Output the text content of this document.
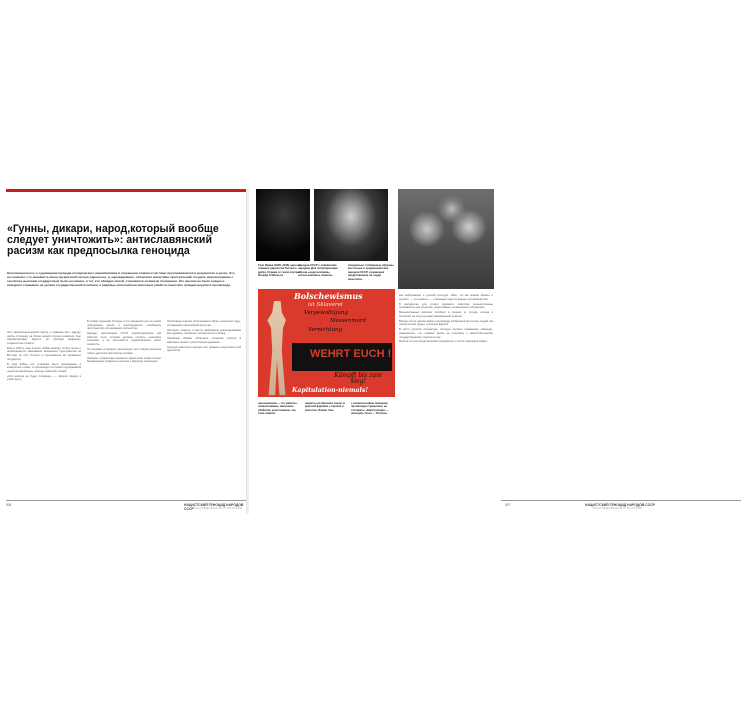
«Гунны, дикари, народ,который вообще следует уничтожить»: антиславянский расизм как предпосылка геноцида

Неполноценность и чудовищная природа гитлеровского каннибализма в отношении славян отчётливо прослеживаются в документах и речах. Это не означает, что ненависть была органичной частью идеологии, и, одновременно, объясняет масштабы преступлений. Создать мировоззрение с тем белее высоким государством было несложно, а тот, кто обладал силой, становился хозяином положения. Это мнение не было новым и находило отражение на уровне государственной политики, а рядовые исполнители массовых убийств советских граждан верили в пропаганду.

Этот мировоззренческий подход к славянам как к народу, якобы стоящему на более низкой ступени развития, был сформулирован задолго до прихода национал-социалистов к власти.

Ещё в 1920-е годы в книге «Майн кампф» Гитлер писал о необходимости завоевания жизненного пространства на Востоке за счёт России и подчинённых ей окраинных государств.

В ходе войны эти установки были превращены в конкретные планы, а пропаганда постоянно подчёркивала «недочеловеческую» природу советских людей.

«Это никогда не будет потеряно», — говорил фюрер в узком кругу.

В словах Адольфа Гитлера и его окружения раз за разом повторялась мысль о необходимости освободить пространство для немецких колонистов.

Народы, населяющие СССР, рассматривались как рабочая сила, которая должна служить немецким хозяевам, а её численность предполагалось резко сократить.

По оценкам историков, реализация этих планов означала гибель десятков миллионов человек.

Приказы и директивы вермахта закрепляли право солдат безнаказанно применять насилие к мирному населению.

Пропаганда широко использовала образ «азиатских орд», угрожающих европейской культуре.

Листовки, плакаты и газеты изображали красноармейцев как чудовищ, лишённых человеческого облика.

Подобные образы облегчали солдатам участие в массовых казнях и уничтожении деревень.

Геноцид советского народа стал прямым следствием этой идеологии.

506	НАЦИСТСКИЙ ГЕНОЦИД НАРОДОВ СССР РАССЛЕДОВАНИЯ И ИСТОРИЯ
Ганс Франк (1900–1946) один из главных идеологов Третьего рейха. Справа от героя портрет Йозефа Геббельса
народов СССР к славянским народам, Для популяризации образа «недочеловека» использовались плакаты
специально отобранные образцы восточных и среднеазиатских народов СССР, создающие представление об «орде монголов»
Bolschewismus
ist Sklaverei
Vergewaltigung
Massenmord
Vernichtung
WEHRT EUCH !
Kämpft bis zum Sieg!
Kapitulation-niemals!
«Большевизм — это рабство, изнасилование, массовые убийства, уничтожение». На этом плакате
нацисты изобразили скелет в красной фуражке с серпом и молотом. Плакат был
с началом войны немецкая пропаганда стремилась не отставать: «Капитуляция — никогда!» Союз — Россия»

как информацию о русской культуре. «Всё, что мы можем сказать о русских, — это азиаты», — утверждал один из видных пропагандистов.

В документах для солдат вермахта советские военнопленные описывались как существа, недостойные человеческого обращения.

Военнопленные массово погибали в лагерях от голода, холода и болезней, не получая даже минимальной помощи.

Вскоре после начала войны пропаганда изобразила восточных людей как «монгольские орды», грозящие Европе.

В чисто русской литературе, которую изучали германские офицеры, указывалось, что славяне якобы не способны к самостоятельному государственному строительству.

Многие из этих представлений сохранялись и после окончания войны.

507	НАЦИСТСКИЙ ГЕНОЦИД НАРОДОВ СССР
РАССЛЕДОВАНИЯ И ИСТОРИЯ
